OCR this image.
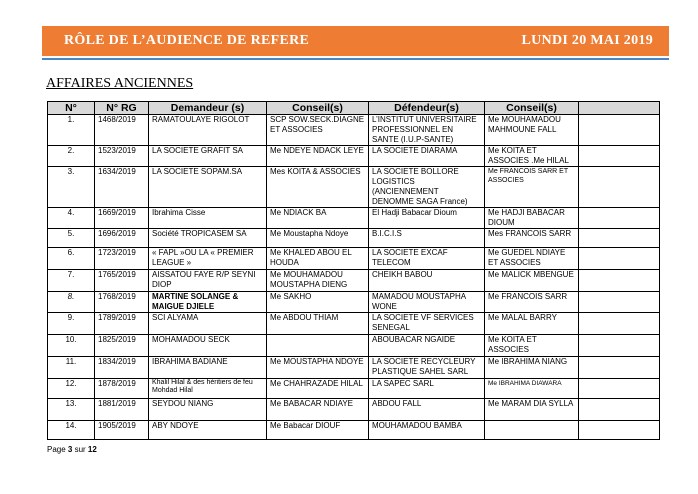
RÔLE DE L’AUDIENCE DE REFERE	LUNDI 20 MAI 2019
AFFAIRES ANCIENNES
N°	N° RG	Demandeur (s)	Conseil(s)	Défendeur(s)	Conseil(s)	
1.	1468/2019	RAMATOULAYE RIGOLOT	SCP SOW.SECK.DIAGNE ET ASSOCIES	L’INSTITUT UNIVERSITAIRE PROFESSIONNEL EN SANTE (I.U.P-SANTE)	Me MOUHAMADOU MAHMOUNE FALL	
2.	1523/2019	LA SOCIETE GRAFIT SA	Me NDEYE NDACK LEYE	LA SOCIETE DIARAMA	Me KOITA ET ASSOCIES .Me HILAL	
3.	1634/2019	LA SOCIETE SOPAM.SA	Mes KOITA & ASSOCIES	LA SOCIETE BOLLORE LOGISTICS (ANCIENNEMENT DENOMME SAGA France)	Me FRANCOIS SARR ET ASSOCIES	
4.	1669/2019	Ibrahima Cisse	Me NDIACK BA	El Hadji Babacar Dioum	Me HADJI BABACAR DIOUM	
5.	1696/2019	Société TROPICASEM SA	Me Moustapha Ndoye	B.I.C.I.S	Mes FRANCOIS SARR	
6.	1723/2019	« FAPL »OU LA « PREMIER LEAGUE »	Me KHALED ABOU EL HOUDA	LA SOCIETE EXCAF TELECOM	Me GUEDEL NDIAYE ET ASSOCIES	
7.	1765/2019	AISSATOU FAYE R/P SEYNI DIOP	Me MOUHAMADOU MOUSTAPHA DIENG	CHEIKH BABOU	Me MALICK MBENGUE	
8.	1768/2019	MARTINE SOLANGE & MAIGUE DJIELE	Me SAKHO	MAMADOU MOUSTAPHA WONE	Me FRANCOIS SARR	
9.	1789/2019	SCI ALYAMA	Me ABDOU THIAM	LA SOCIETE VF SERVICES SENEGAL	Me MALAL BARRY	
10.	1825/2019	MOHAMADOU SECK		ABOUBACAR NGAIDE	Me KOITA ET ASSOCIES	
11.	1834/2019	IBRAHIMA BADIANE	Me MOUSTAPHA NDOYE	LA SOCIETE RECYCLEURY PLASTIQUE SAHEL SARL	Me IBRAHIMA NIANG	
12.	1878/2019	Khalil Hilal & des héritiers de feu Mohdad Hilal	Me CHAHRAZADE HILAL	LA SAPEC SARL	Me IBRAHIMA DIAWARA	
13.	1881/2019	SEYDOU NIANG	Me BABACAR NDIAYE	ABDOU FALL	Me MARAM DIA SYLLA	
14.	1905/2019	ABY NDOYE	Me Babacar DIOUF	MOUHAMADOU BAMBA		
Page 3 sur 12
